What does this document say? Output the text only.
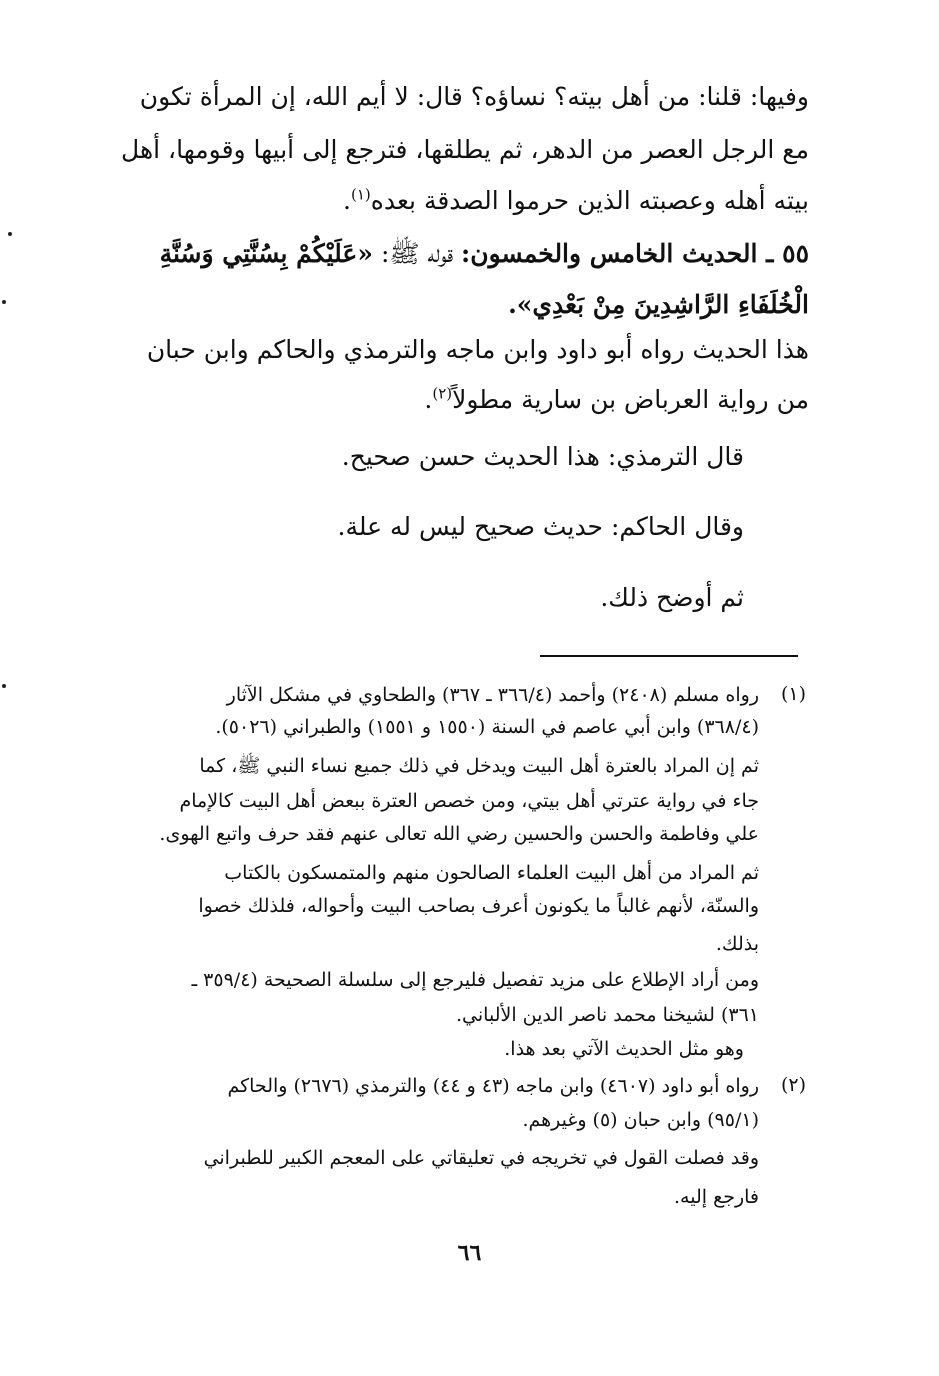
وفيها: قلنا: من أهل بيته؟ نساؤه؟ قال: لا أيم الله، إن المرأة تكون
مع الرجل العصر من الدهر، ثم يطلقها، فترجع إلى أبيها وقومها، أهل
بيته أهله وعصبته الذين حرموا الصدقة بعده$^{(١)}$.
٥٥ ـ الحديث الخامس والخمسون: قوله ﷺ: «عَلَيْكُمْ بِسُنَّتِي وَسُنَّةِ
الْخُلَفَاءِ الرَّاشِدِينَ مِنْ بَعْدِي».
هذا الحديث رواه أبو داود وابن ماجه والترمذي والحاكم وابن حبان
من رواية العرباض بن سارية مطولاً$^{(٢)}$.
قال الترمذي: هذا الحديث حسن صحيح.
وقال الحاكم: حديث صحيح ليس له علة.
ثم أوضح ذلك.
(١)
رواه مسلم (٢٤٠٨) وأحمد (٣٦٦/٤ ـ ٣٦٧) والطحاوي في مشكل الآثار
(٣٦٨/٤) وابن أبي عاصم في السنة (١٥٥٠ و ١٥٥١) والطبراني (٥٠٢٦).
ثم إن المراد بالعترة أهل البيت ويدخل في ذلك جميع نساء النبي ﷺ، كما
جاء في رواية عترتي أهل بيتي، ومن خصص العترة ببعض أهل البيت كالإمام
علي وفاطمة والحسن والحسين رضي الله تعالى عنهم فقد حرف واتبع الهوى.
ثم المراد من أهل البيت العلماء الصالحون منهم والمتمسكون بالكتاب
والسنّة، لأنهم غالباً ما يكونون أعرف بصاحب البيت وأحواله، فلذلك خصوا
بذلك.
ومن أراد الإطلاع على مزيد تفصيل فليرجع إلى سلسلة الصحيحة (٣٥٩/٤ ـ
٣٦١) لشيخنا محمد ناصر الدين الألباني.
وهو مثل الحديث الآتي بعد هذا.
(٢)
رواه أبو داود (٤٦٠٧) وابن ماجه (٤٣ و ٤٤) والترمذي (٢٦٧٦) والحاكم
(٩٥/١) وابن حبان (٥) وغيرهم.
وقد فصلت القول في تخريجه في تعليقاتي على المعجم الكبير للطبراني
فارجع إليه.
٦٦
